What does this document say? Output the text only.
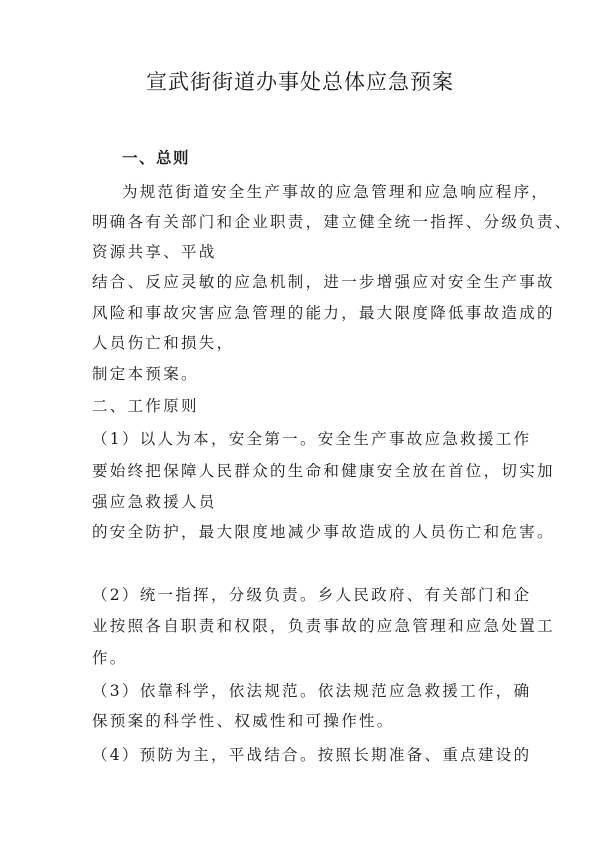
宣武街街道办事处总体应急预案
一、总则
为规范街道安全生产事故的应急管理和应急响应程序，
明确各有关部门和企业职责，建立健全统一指挥、分级负责、
资源共享、平战
结合、反应灵敏的应急机制，进一步增强应对安全生产事故
风险和事故灾害应急管理的能力，最大限度降低事故造成的
人员伤亡和损失，
制定本预案。
二、工作原则
（1）以人为本，安全第一。安全生产事故应急救援工作
要始终把保障人民群众的生命和健康安全放在首位，切实加
强应急救援人员
的安全防护，最大限度地减少事故造成的人员伤亡和危害。
（2）统一指挥，分级负责。乡人民政府、有关部门和企
业按照各自职责和权限，负责事故的应急管理和应急处置工
作。
（3）依靠科学，依法规范。依法规范应急救援工作，确
保预案的科学性、权威性和可操作性。
（4）预防为主，平战结合。按照长期准备、重点建设的
